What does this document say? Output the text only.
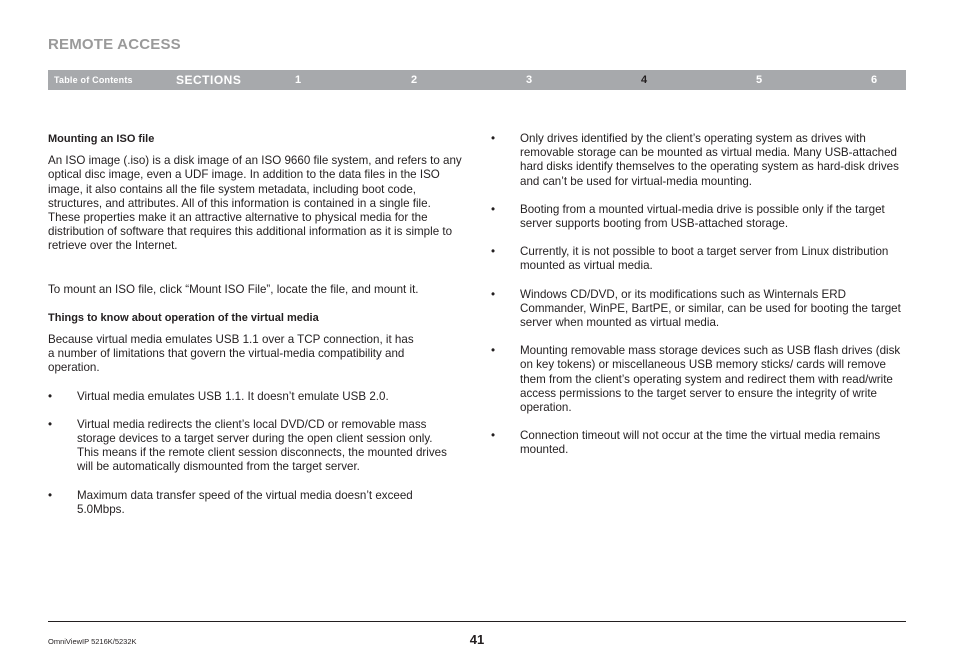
REMOTE ACCESS
Table of Contents	SECTIONS	1	2	3	4	5	6

Mounting an ISO file

An ISO image (.iso) is a disk image of an ISO 9660 file system, and refers to any optical disc image, even a UDF image. In addition to the data files in the ISO image, it also contains all the file system metadata, including boot code, structures, and attributes. All of this information is contained in a single file. These properties make it an attractive alternative to physical media for the distribution of software that requires this additional information as it is simple to retrieve over the Internet.

To mount an ISO file, click “Mount ISO File”, locate the file, and mount it.

Things to know about operation of the virtual media

Because virtual media emulates USB 1.1 over a TCP connection, it has a number of limitations that govern the virtual-media compatibility and operation.

• Virtual media emulates USB 1.1. It doesn’t emulate USB 2.0.
• Virtual media redirects the client’s local DVD/CD or removable mass storage devices to a target server during the open client session only. This means if the remote client session disconnects, the mounted drives will be automatically dismounted from the target server.
• Maximum data transfer speed of the virtual media doesn’t exceed 5.0Mbps.
• Only drives identified by the client’s operating system as drives with removable storage can be mounted as virtual media. Many USB-attached hard disks identify themselves to the operating system as hard-disk drives and can’t be used for virtual-media mounting.
• Booting from a mounted virtual-media drive is possible only if the target server supports booting from USB-attached storage.
• Currently, it is not possible to boot a target server from Linux distribution mounted as virtual media.
• Windows CD/DVD, or its modifications such as Winternals ERD Commander, WinPE, BartPE, or similar, can be used for booting the target server when mounted as virtual media.
• Mounting removable mass storage devices such as USB flash drives (disk on key tokens) or miscellaneous USB memory sticks/ cards will remove them from the client’s operating system and redirect them with read/write access permissions to the target server to ensure the integrity of write operation.
• Connection timeout will not occur at the time the virtual media remains mounted.
OmniViewIP 5216K/5232K	41
